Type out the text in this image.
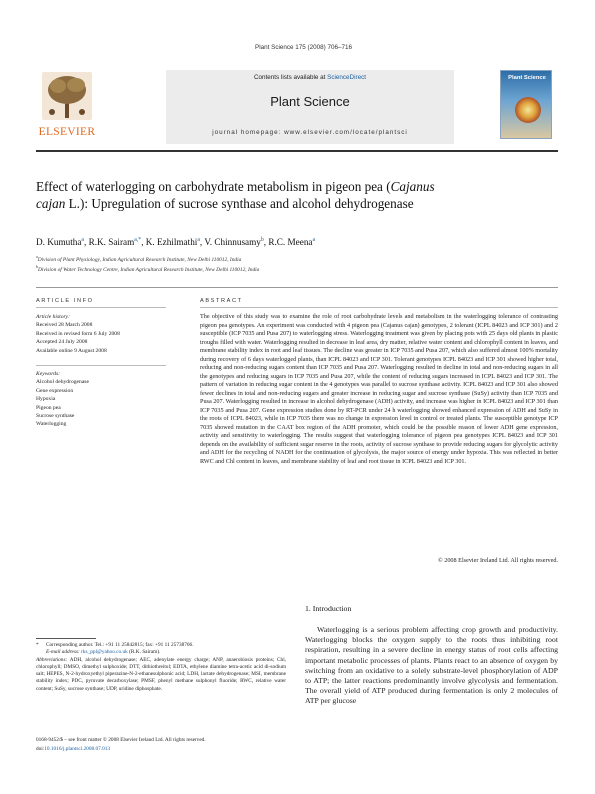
Plant Science 175 (2008) 706–716
ELSEVIER
Contents lists available at ScienceDirect
Plant Science
journal homepage: www.elsevier.com/locate/plantsci
Plant Science
Effect of waterlogging on carbohydrate metabolism in pigeon pea (Cajanus cajan L.): Upregulation of sucrose synthase and alcohol dehydrogenase
D. Kumutha$^a$, R.K. Sairam$^{a,*}$, K. Ezhilmathi$^a$, V. Chinnusamy$^b$, R.C. Meena$^a$
$^a$Division of Plant Physiology, Indian Agricultural Research Institute, New Delhi 110012, India
$^b$Division of Water Technology Centre, Indian Agricultural Research Institute, New Delhi 110012, India
ARTICLE INFO	ABSTRACT
Article history:
Received 28 March 2008
Received in revised form 6 July 2008
Accepted 24 July 2008
Available online 9 August 2008
Keywords:
Alcohol dehydrogenase
Gene expression
Hypoxia
Pigeon pea
Sucrose synthase
Waterlogging
The objective of this study was to examine the role of root carbohydrate levels and metabolism in the waterlogging tolerance of contrasting pigeon pea genotypes. An experiment was conducted with 4 pigeon pea (Cajanus cajan) genotypes, 2 tolerant (ICPL 84023 and ICP 301) and 2 susceptible (ICP 7035 and Pusa 207) to waterlogging stress. Waterlogging treatment was given by placing pots with 25 days old plants in plastic troughs filled with water. Waterlogging resulted in decrease in leaf area, dry matter, relative water content and chlorophyll content in leaves, and membrane stability index in root and leaf tissues. The decline was greater in ICP 7035 and Pusa 207, which also suffered almost 100% mortality during recovery of 6 days waterlogged plants, than ICPL 84023 and ICP 301. Tolerant genotypes ICPL 84023 and ICP 301 showed higher total, reducing and non-reducing sugars content than ICP 7035 and Pusa 207. Waterlogging resulted in decline in total and non-reducing sugars in all the genotypes and reducing sugars in ICP 7035 and Pusa 207, while the content of reducing sugars increased in ICPL 84023 and ICP 301. The pattern of variation in reducing sugar content in the 4 genotypes was parallel to sucrose synthase activity. ICPL 84023 and ICP 301 also showed fewer declines in total and non-reducing sugars and greater increase in reducing sugar and sucrose synthase (SuSy) activity than ICP 7035 and Pusa 207. Waterlogging resulted in increase in alcohol dehydrogenase (ADH) activity, and increase was higher in ICPL 84023 and ICP 301 than ICP 7035 and Pusa 207. Gene expression studies done by RT-PCR under 24 h waterlogging showed enhanced expression of ADH and SuSy in the roots of ICPL 84023, while in ICP 7035 there was no change in expression level in control or treated plants. The susceptible genotype ICP 7035 showed mutation in the CAAT box region of the ADH promoter, which could be the possible reason of lower ADH gene expression, activity and sensitivity to waterlogging. The results suggest that waterlogging tolerance of pigeon pea genotypes ICPL 84023 and ICP 301 depends on the availability of sufficient sugar reserve in the roots, activity of sucrose synthase to provide reducing sugars for glycolytic activity and ADH for the recycling of NADH for the continuation of glycolysis, the major source of energy under hypoxia. This was reflected in better RWC and Chl content in leaves, and membrane stability of leaf and root tissue in ICPL 84023 and ICP 301.
© 2008 Elsevier Ireland Ltd. All rights reserved.
1. Introduction
Waterlogging is a serious problem affecting crop growth and productivity. Waterlogging blocks the oxygen supply to the roots thus inhibiting root respiration, resulting in a severe decline in energy status of root cells affecting important metabolic processes of plants. Plants react to an absence of oxygen by switching from an oxidative to a solely substrate-level phosphorylation of ADP to ATP; the latter reactions predominantly involve glycolysis and fermentation. The overall yield of ATP produced during fermentation is only 2 molecules of ATP per glucose
* Corresponding author. Tel.: +91 11 25842815; fax: +91 11 25738766.
E-mail address: rks_ppl@yahoo.co.uk (R.K. Sairam).
Abbreviations: ADH, alcohol dehydrogenase; AEC, adenylate energy charge; ANP, anaerobiosis proteins; Chl, chlorophyll; DMSO, dimethyl sulphoxide; DTT, dithiothreitol; EDTA, ethylene diamine tetra-acetic acid di-sodium salt; HEPES, N-2-hydroxyethyl piperazine-N-2-ethanesulphonic acid; LDH, lactate dehydrogenase; MSI, membrane stability index; PDC, pyruvate decarboxylase; PMSF, phenyl methane sulphonyl fluoride; RWC, relative water content; SuSy, sucrose synthase; UDP, uridine diphosphate.
0168-9452/$ – see front matter © 2008 Elsevier Ireland Ltd. All rights reserved.
doi:10.1016/j.plantsci.2008.07.013
